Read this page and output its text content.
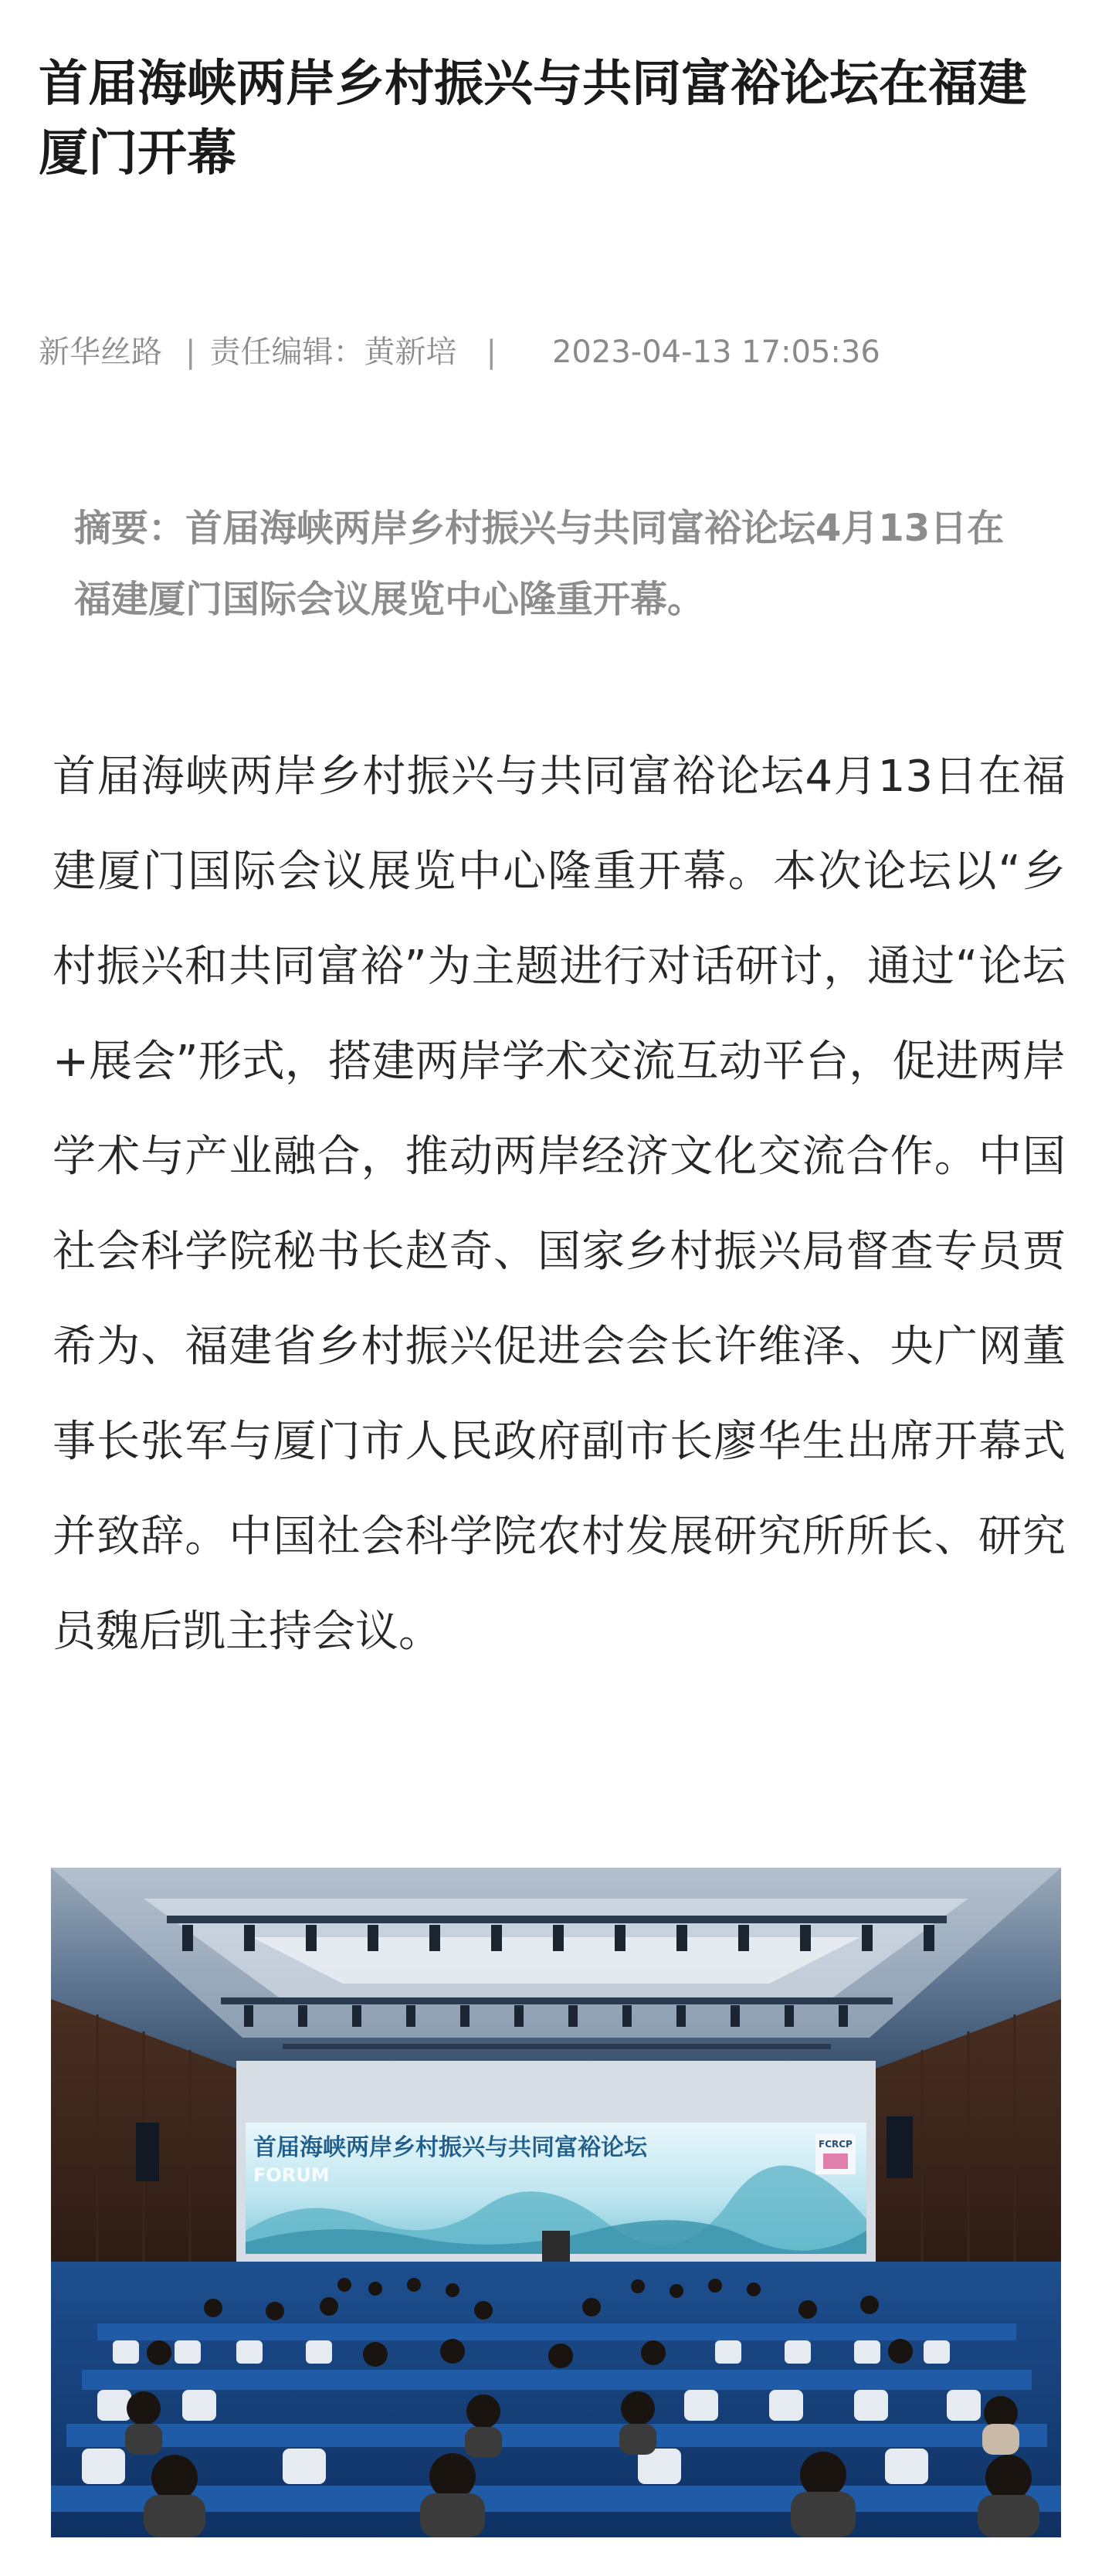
首届海峡两岸乡村振兴与共同富裕论坛在福建厦门开幕
新华丝路 | 责任编辑：黄新培 | 2023-04-13 17:05:36

摘要：首届海峡两岸乡村振兴与共同富裕论坛4月13日在福建厦门国际会议展览中心隆重开幕。

首届海峡两岸乡村振兴与共同富裕论坛4月13日在福建厦门国际会议展览中心隆重开幕。本次论坛以“乡村振兴和共同富裕”为主题进行对话研讨，通过“论坛+展会”形式，搭建两岸学术交流互动平台，促进两岸学术与产业融合，推动两岸经济文化交流合作。中国社会科学院秘书长赵奇、国家乡村振兴局督查专员贾希为、福建省乡村振兴促进会会长许维泽、央广网董事长张军与厦门市人民政府副市长廖华生出席开幕式并致辞。中国社会科学院农村发展研究所所长、研究员魏后凯主持会议。

首届海峡两岸乡村振兴与共同富裕论坛
FORUM
FCRCP
